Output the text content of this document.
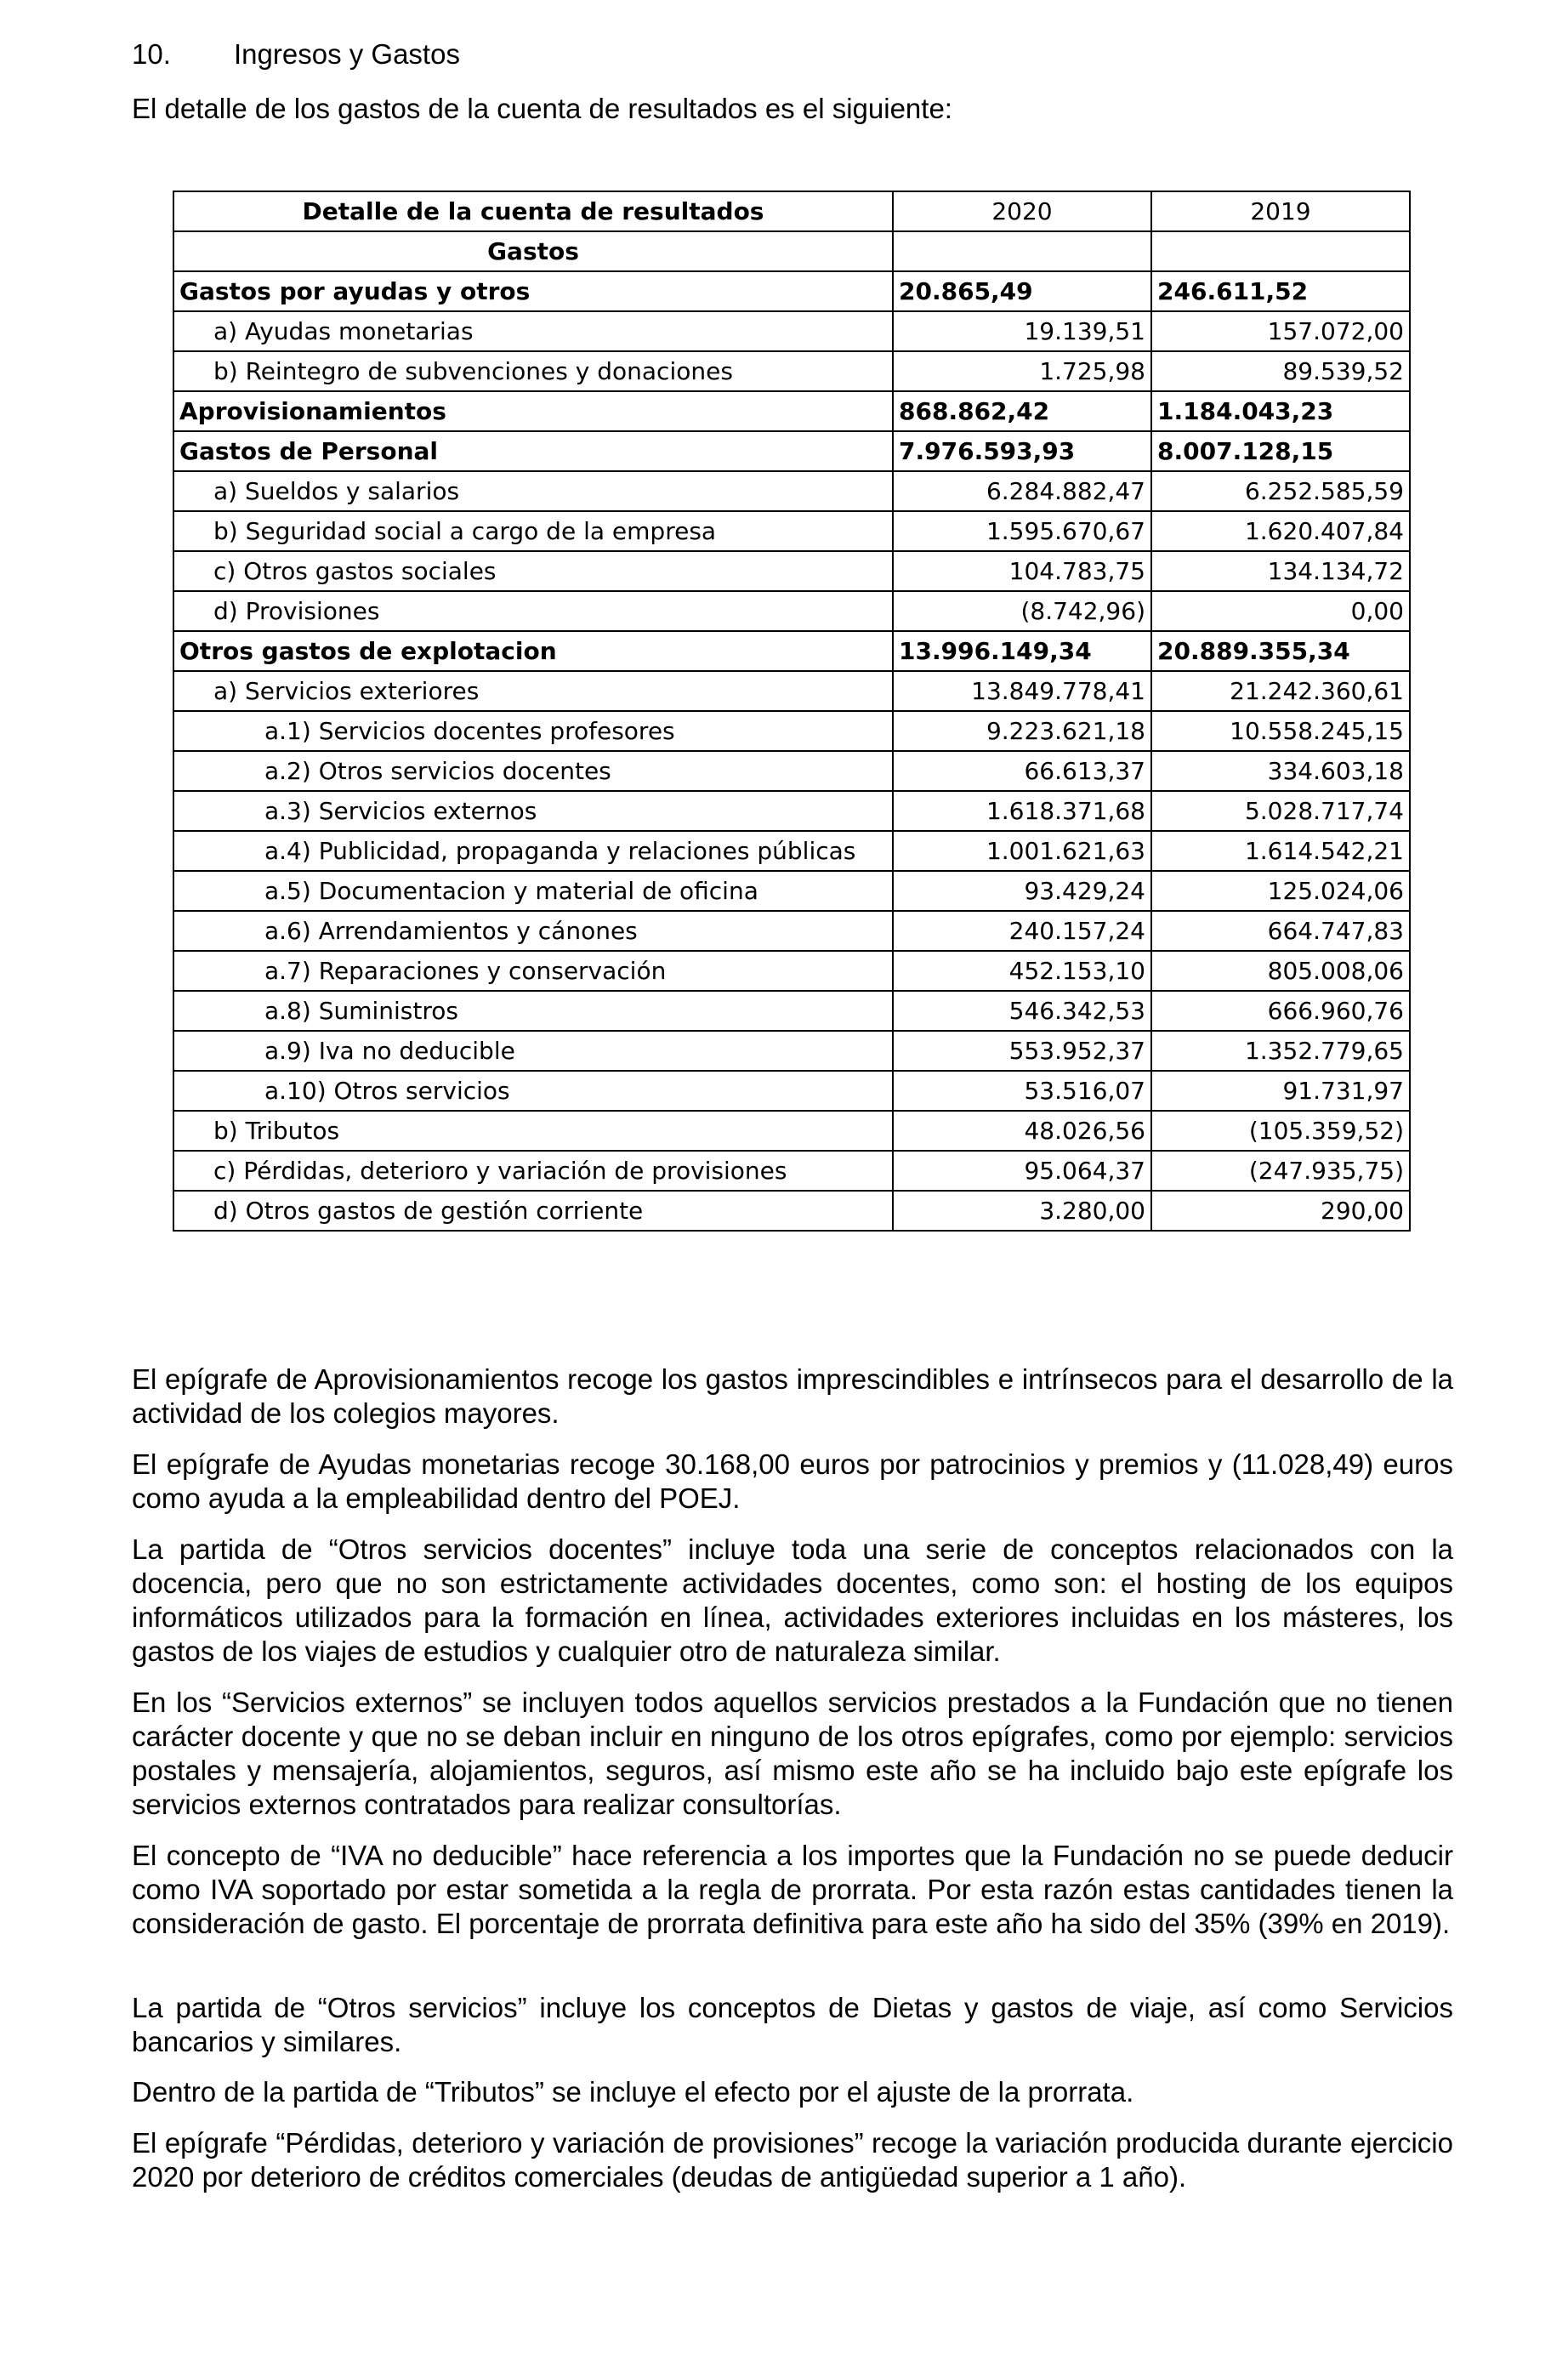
10. Ingresos y Gastos
El detalle de los gastos de la cuenta de resultados es el siguiente:
Detalle de la cuenta de resultados	2020	2019
Gastos		
Gastos por ayudas y otros	20.865,49	246.611,52
a) Ayudas monetarias	19.139,51	157.072,00
b) Reintegro de subvenciones y donaciones	1.725,98	89.539,52
Aprovisionamientos	868.862,42	1.184.043,23
Gastos de Personal	7.976.593,93	8.007.128,15
a) Sueldos y salarios	6.284.882,47	6.252.585,59
b) Seguridad social a cargo de la empresa	1.595.670,67	1.620.407,84
c) Otros gastos sociales	104.783,75	134.134,72
d) Provisiones	(8.742,96)	0,00
Otros gastos de explotacion	13.996.149,34	20.889.355,34
a) Servicios exteriores	13.849.778,41	21.242.360,61
a.1) Servicios docentes profesores	9.223.621,18	10.558.245,15
a.2) Otros servicios docentes	66.613,37	334.603,18
a.3) Servicios externos	1.618.371,68	5.028.717,74
a.4) Publicidad, propaganda y relaciones públicas	1.001.621,63	1.614.542,21
a.5) Documentacion y material de oficina	93.429,24	125.024,06
a.6) Arrendamientos y cánones	240.157,24	664.747,83
a.7) Reparaciones y conservación	452.153,10	805.008,06
a.8) Suministros	546.342,53	666.960,76
a.9) Iva no deducible	553.952,37	1.352.779,65
a.10) Otros servicios	53.516,07	91.731,97
b) Tributos	48.026,56	(105.359,52)
c) Pérdidas, deterioro y variación de provisiones	95.064,37	(247.935,75)
d) Otros gastos de gestión corriente	3.280,00	290,00

El epígrafe de Aprovisionamientos recoge los gastos imprescindibles e intrínsecos para el desarrollo de la actividad de los colegios mayores.

El epígrafe de Ayudas monetarias recoge 30.168,00 euros por patrocinios y premios y (11.028,49) euros como ayuda a la empleabilidad dentro del POEJ.

La partida de “Otros servicios docentes” incluye toda una serie de conceptos relacionados con la docencia, pero que no son estrictamente actividades docentes, como son: el hosting de los equipos informáticos utilizados para la formación en línea, actividades exteriores incluidas en los másteres, los gastos de los viajes de estudios y cualquier otro de naturaleza similar.

En los “Servicios externos” se incluyen todos aquellos servicios prestados a la Fundación que no tienen carácter docente y que no se deban incluir en ninguno de los otros epígrafes, como por ejemplo: servicios postales y mensajería, alojamientos, seguros, así mismo este año se ha incluido bajo este epígrafe los servicios externos contratados para realizar consultorías.

El concepto de “IVA no deducible” hace referencia a los importes que la Fundación no se puede deducir como IVA soportado por estar sometida a la regla de prorrata. Por esta razón estas cantidades tienen la consideración de gasto. El porcentaje de prorrata definitiva para este año ha sido del 35% (39% en 2019).

La partida de “Otros servicios” incluye los conceptos de Dietas y gastos de viaje, así como Servicios bancarios y similares.

Dentro de la partida de “Tributos” se incluye el efecto por el ajuste de la prorrata.

El epígrafe “Pérdidas, deterioro y variación de provisiones” recoge la variación producida durante ejercicio 2020 por deterioro de créditos comerciales (deudas de antigüedad superior a 1 año).
